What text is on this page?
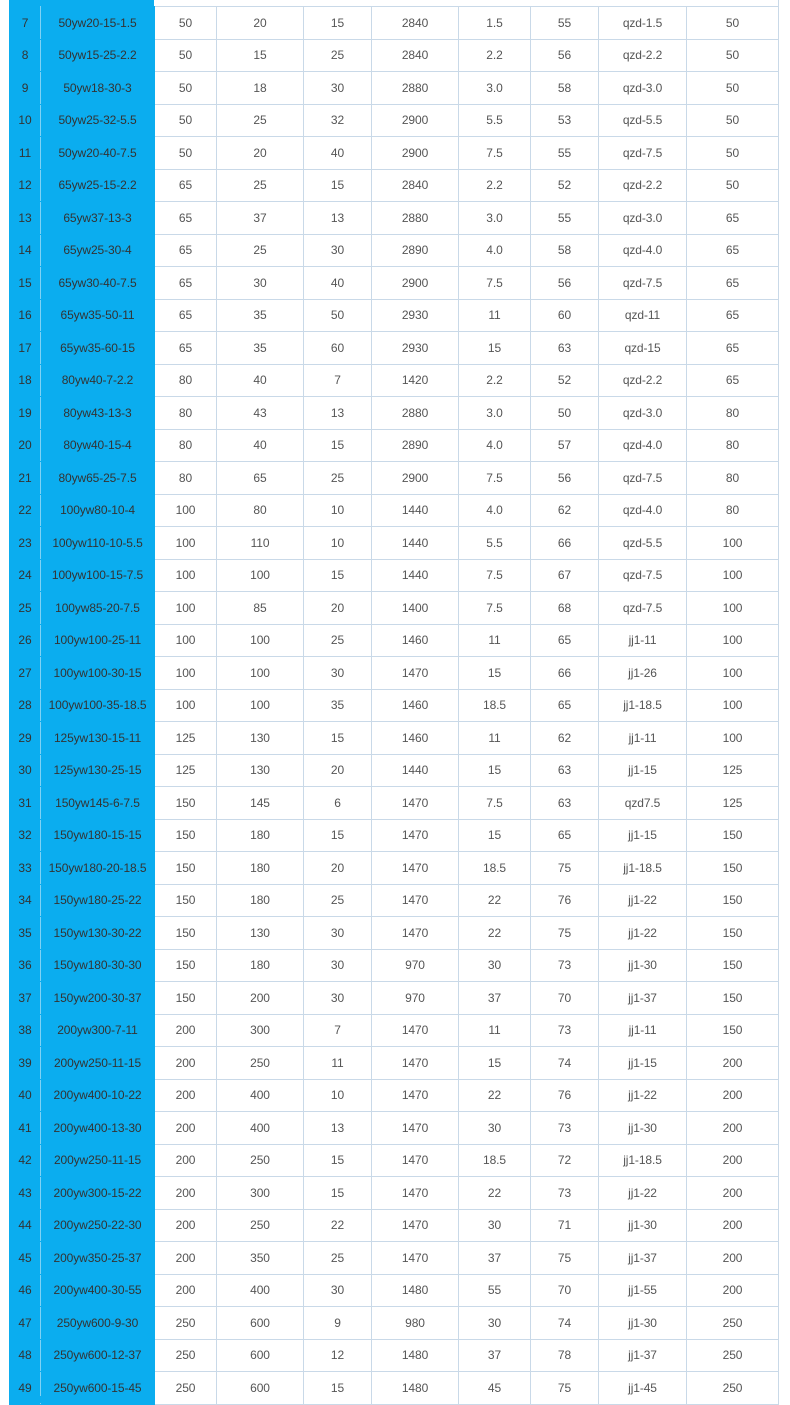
7	50yw20-15-1.5	50	20	15	2840	1.5	55	qzd-1.5	50
8	50yw15-25-2.2	50	15	25	2840	2.2	56	qzd-2.2	50
9	50yw18-30-3	50	18	30	2880	3.0	58	qzd-3.0	50
10	50yw25-32-5.5	50	25	32	2900	5.5	53	qzd-5.5	50
11	50yw20-40-7.5	50	20	40	2900	7.5	55	qzd-7.5	50
12	65yw25-15-2.2	65	25	15	2840	2.2	52	qzd-2.2	50
13	65yw37-13-3	65	37	13	2880	3.0	55	qzd-3.0	65
14	65yw25-30-4	65	25	30	2890	4.0	58	qzd-4.0	65
15	65yw30-40-7.5	65	30	40	2900	7.5	56	qzd-7.5	65
16	65yw35-50-11	65	35	50	2930	11	60	qzd-11	65
17	65yw35-60-15	65	35	60	2930	15	63	qzd-15	65
18	80yw40-7-2.2	80	40	7	1420	2.2	52	qzd-2.2	65
19	80yw43-13-3	80	43	13	2880	3.0	50	qzd-3.0	80
20	80yw40-15-4	80	40	15	2890	4.0	57	qzd-4.0	80
21	80yw65-25-7.5	80	65	25	2900	7.5	56	qzd-7.5	80
22	100yw80-10-4	100	80	10	1440	4.0	62	qzd-4.0	80
23	100yw110-10-5.5	100	110	10	1440	5.5	66	qzd-5.5	100
24	100yw100-15-7.5	100	100	15	1440	7.5	67	qzd-7.5	100
25	100yw85-20-7.5	100	85	20	1400	7.5	68	qzd-7.5	100
26	100yw100-25-11	100	100	25	1460	11	65	jj1-11	100
27	100yw100-30-15	100	100	30	1470	15	66	jj1-26	100
28	100yw100-35-18.5	100	100	35	1460	18.5	65	jj1-18.5	100
29	125yw130-15-11	125	130	15	1460	11	62	jj1-11	100
30	125yw130-25-15	125	130	20	1440	15	63	jj1-15	125
31	150yw145-6-7.5	150	145	6	1470	7.5	63	qzd7.5	125
32	150yw180-15-15	150	180	15	1470	15	65	jj1-15	150
33	150yw180-20-18.5	150	180	20	1470	18.5	75	jj1-18.5	150
34	150yw180-25-22	150	180	25	1470	22	76	jj1-22	150
35	150yw130-30-22	150	130	30	1470	22	75	jj1-22	150
36	150yw180-30-30	150	180	30	970	30	73	jj1-30	150
37	150yw200-30-37	150	200	30	970	37	70	jj1-37	150
38	200yw300-7-11	200	300	7	1470	11	73	jj1-11	150
39	200yw250-11-15	200	250	11	1470	15	74	jj1-15	200
40	200yw400-10-22	200	400	10	1470	22	76	jj1-22	200
41	200yw400-13-30	200	400	13	1470	30	73	jj1-30	200
42	200yw250-11-15	200	250	15	1470	18.5	72	jj1-18.5	200
43	200yw300-15-22	200	300	15	1470	22	73	jj1-22	200
44	200yw250-22-30	200	250	22	1470	30	71	jj1-30	200
45	200yw350-25-37	200	350	25	1470	37	75	jj1-37	200
46	200yw400-30-55	200	400	30	1480	55	70	jj1-55	200
47	250yw600-9-30	250	600	9	980	30	74	jj1-30	250
48	250yw600-12-37	250	600	12	1480	37	78	jj1-37	250
49	250yw600-15-45	250	600	15	1480	45	75	jj1-45	250
